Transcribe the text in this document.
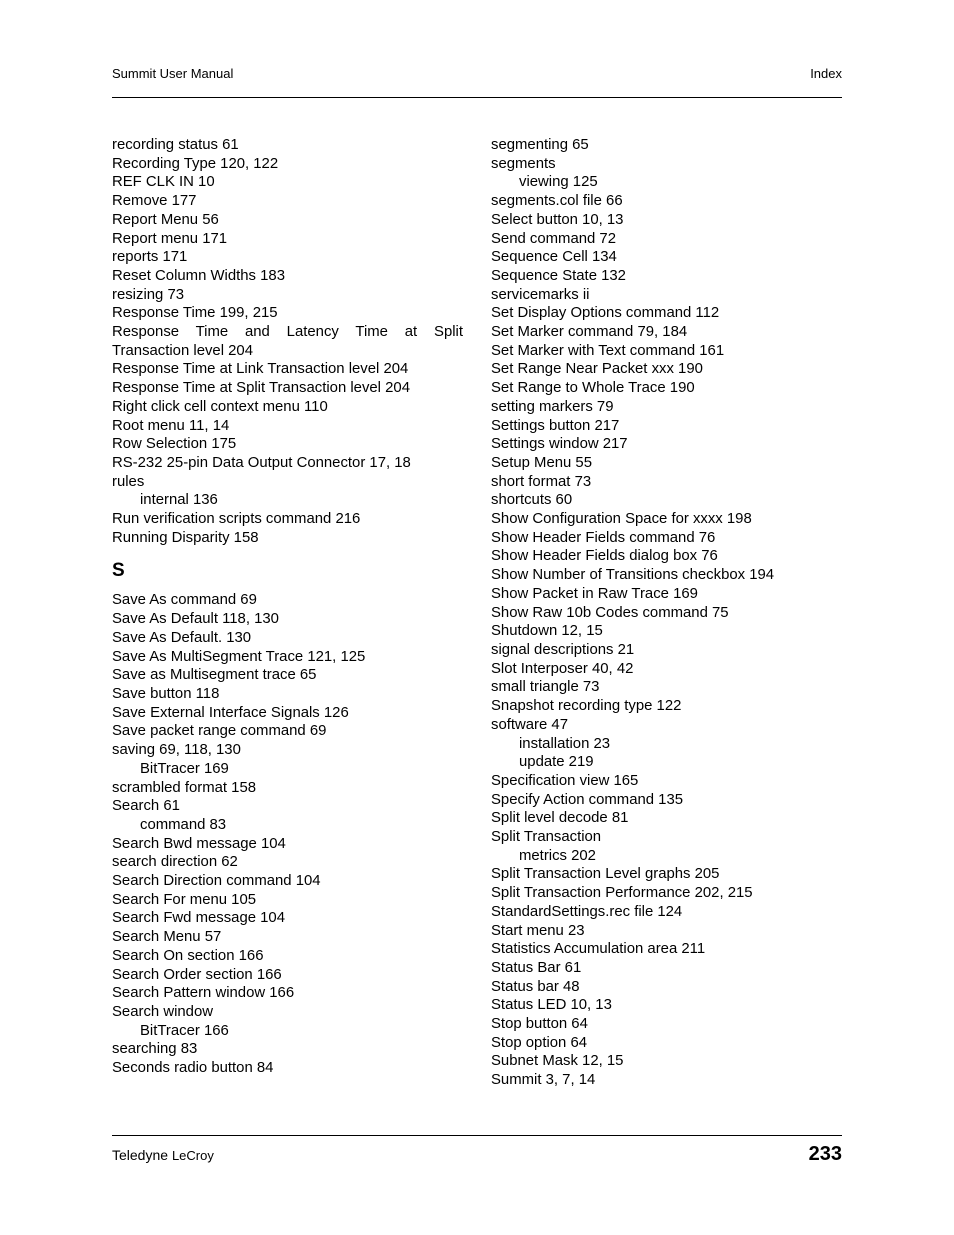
Summit User Manual	Index
recording status 61
Recording Type 120, 122
REF CLK IN 10
Remove 177
Report Menu 56
Report menu 171
reports 171
Reset Column Widths 183
resizing 73
Response Time 199, 215
Response Time and Latency Time at Split Transaction level 204
Response Time at Link Transaction level 204
Response Time at Split Transaction level 204
Right click cell context menu 110
Root menu 11, 14
Row Selection 175
RS-232 25-pin Data Output Connector 17, 18
rules
internal 136
Run verification scripts command 216
Running Disparity 158
S
Save As command 69
Save As Default 118, 130
Save As Default. 130
Save As MultiSegment Trace 121, 125
Save as Multisegment trace 65
Save button 118
Save External Interface Signals 126
Save packet range command 69
saving 69, 118, 130
BitTracer 169
scrambled format 158
Search 61
command 83
Search Bwd message 104
search direction 62
Search Direction command 104
Search For menu 105
Search Fwd message 104
Search Menu 57
Search On section 166
Search Order section 166
Search Pattern window 166
Search window
BitTracer 166
searching 83
Seconds radio button 84
segmenting 65
segments
viewing 125
segments.col file 66
Select button 10, 13
Send command 72
Sequence Cell 134
Sequence State 132
servicemarks ii
Set Display Options command 112
Set Marker command 79, 184
Set Marker with Text command 161
Set Range Near Packet xxx 190
Set Range to Whole Trace 190
setting markers 79
Settings button 217
Settings window 217
Setup Menu 55
short format 73
shortcuts 60
Show Configuration Space for xxxx 198
Show Header Fields command 76
Show Header Fields dialog box 76
Show Number of Transitions checkbox 194
Show Packet in Raw Trace 169
Show Raw 10b Codes command 75
Shutdown 12, 15
signal descriptions 21
Slot Interposer 40, 42
small triangle 73
Snapshot recording type 122
software 47
installation 23
update 219
Specification view 165
Specify Action command 135
Split level decode 81
Split Transaction
metrics 202
Split Transaction Level graphs 205
Split Transaction Performance 202, 215
StandardSettings.rec file 124
Start menu 23
Statistics Accumulation area 211
Status Bar 61
Status bar 48
Status LED 10, 13
Stop button 64
Stop option 64
Subnet Mask 12, 15
Summit 3, 7, 14
Teledyne LeCroy	233
